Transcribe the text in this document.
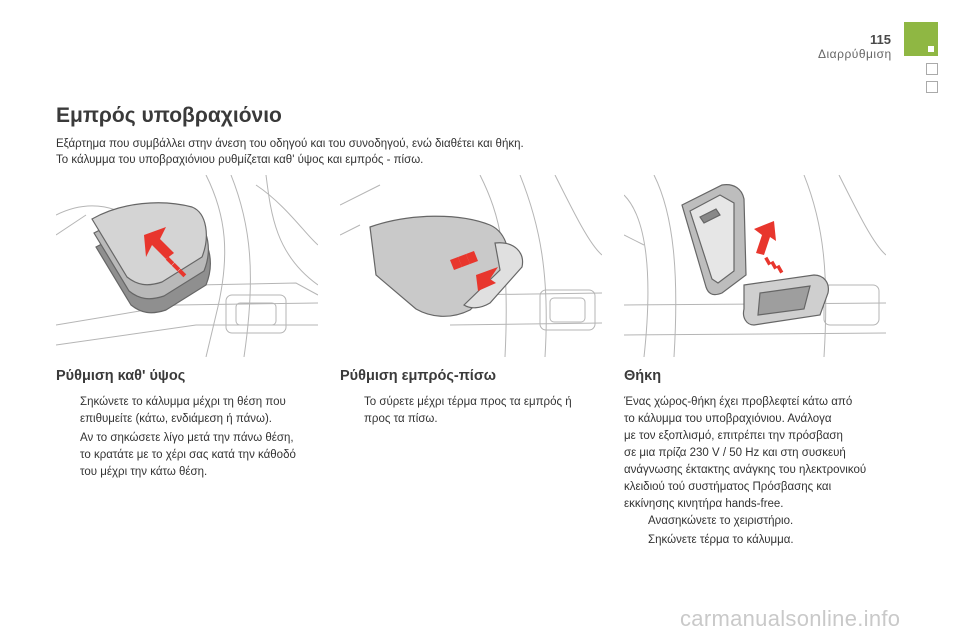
115
Διαρρύθμιση
Εμπρός υποβραχιόνιο
Εξάρτημα που συμβάλλει στην άνεση του οδηγού και του συνοδηγού, ενώ διαθέτει και θήκη.
Το κάλυμμα του υποβραχιόνιου ρυθμίζεται καθ' ύψος και εμπρός - πίσω.
Ρύθμιση καθ' ύψος
Σηκώνετε το κάλυμμα μέχρι τη θέση που
επιθυμείτε (κάτω, ενδιάμεση ή πάνω).
Αν το σηκώσετε λίγο μετά την πάνω θέση,
το κρατάτε με το χέρι σας κατά την κάθοδό
του μέχρι την κάτω θέση.
Ρύθμιση εμπρός-πίσω
Το σύρετε μέχρι τέρμα προς τα εμπρός ή
προς τα πίσω.
Θήκη
Ένας χώρος-θήκη έχει προβλεφτεί κάτω από
το κάλυμμα του υποβραχιόνιου. Ανάλογα
με τον εξοπλισμό, επιτρέπει την πρόσβαση
σε μια πρίζα 230 V / 50 Hz και στη συσκευή
ανάγνωσης έκτακτης ανάγκης του ηλεκτρονικού
κλειδιού τού συστήματος Πρόσβασης και
εκκίνησης κινητήρα hands-free.
Ανασηκώνετε το χειριστήριο.
Σηκώνετε τέρμα το κάλυμμα.
carmanualsonline.info
